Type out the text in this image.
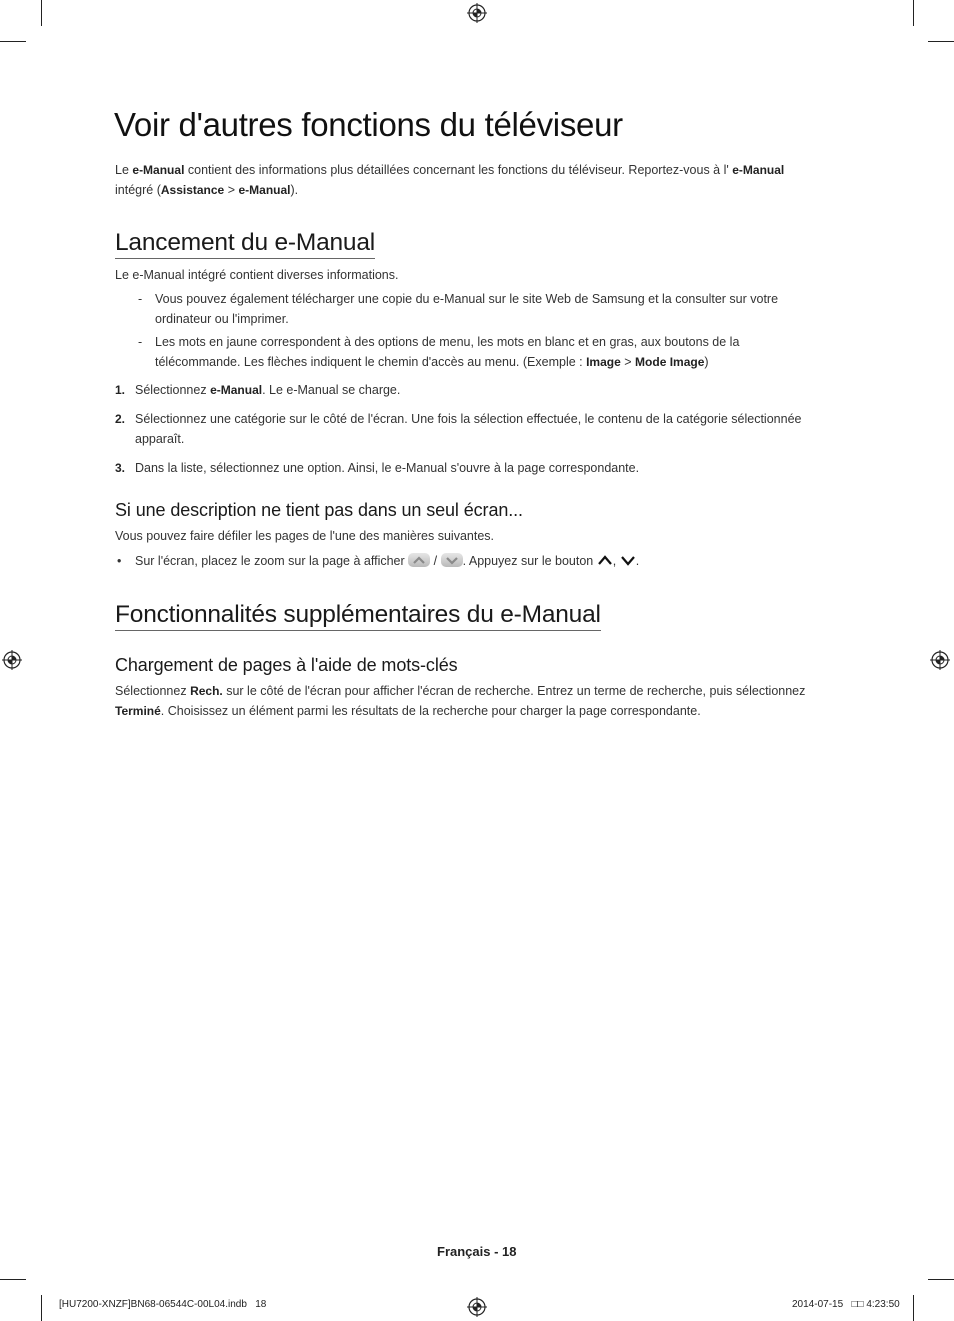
Voir d'autres fonctions du téléviseur
Le e-Manual contient des informations plus détaillées concernant les fonctions du téléviseur. Reportez-vous à l' e-Manual
intégré (Assistance > e-Manual).
Lancement du e-Manual
Le e-Manual intégré contient diverses informations.
- Vous pouvez également télécharger une copie du e-Manual sur le site Web de Samsung et la consulter sur votre
ordinateur ou l'imprimer.
- Les mots en jaune correspondent à des options de menu, les mots en blanc et en gras, aux boutons de la
télécommande. Les flèches indiquent le chemin d'accès au menu. (Exemple : Image > Mode Image)
1. Sélectionnez e-Manual. Le e-Manual se charge.
2. Sélectionnez une catégorie sur le côté de l'écran. Une fois la sélection effectuée, le contenu de la catégorie sélectionnée
apparaît.
3. Dans la liste, sélectionnez une option. Ainsi, le e-Manual s'ouvre à la page correspondante.
Si une description ne tient pas dans un seul écran...
Vous pouvez faire défiler les pages de l'une des manières suivantes.
• Sur l'écran, placez le zoom sur la page à afficher / . Appuyez sur le bouton , .
Fonctionnalités supplémentaires du e-Manual
Chargement de pages à l'aide de mots-clés
Sélectionnez Rech. sur le côté de l'écran pour afficher l'écran de recherche. Entrez un terme de recherche, puis sélectionnez
Terminé. Choisissez un élément parmi les résultats de la recherche pour charger la page correspondante.
Français - 18
[HU7200-XNZF]BN68-06544C-00L04.indb   18	2014-07-15   □□ 4:23:50
